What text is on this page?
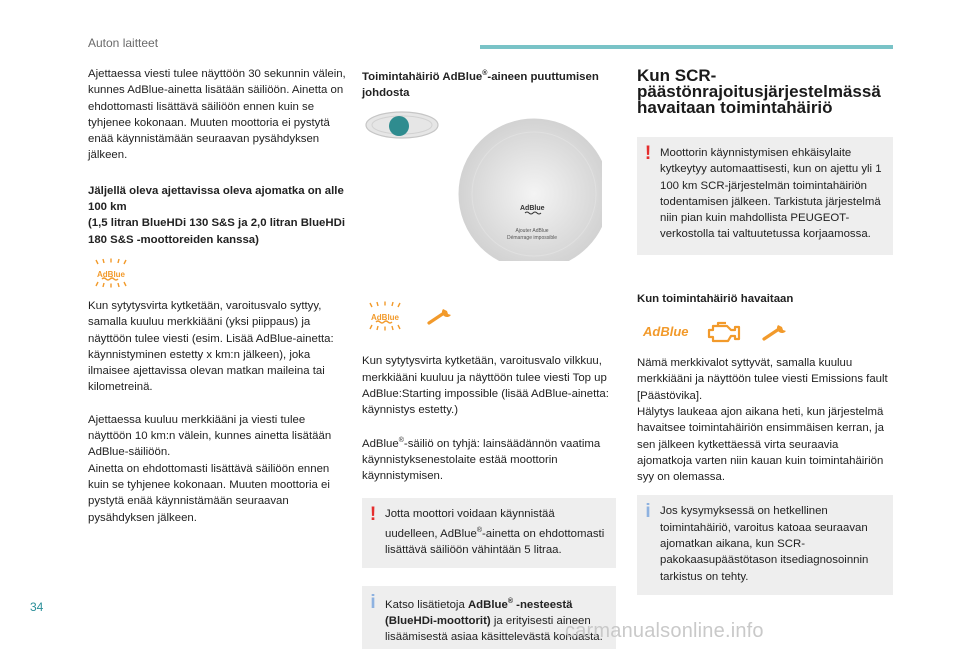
Auton laitteet

Ajettaessa viesti tulee näyttöön 30 sekunnin välein, kunnes AdBlue-ainetta lisätään säiliöön. Ainetta on ehdottomasti lisättävä säiliöön ennen kuin se tyhjenee kokonaan. Muuten moottoria ei pystytä enää käynnistämään seuraavan pysähdyksen jälkeen.

Jäljellä oleva ajettavissa oleva ajomatka on alle 100 km
(1,5 litran BlueHDi 130 S&S ja 2,0 litran BlueHDi 180 S&S -moottoreiden kanssa)
AdBlue

Kun sytytysvirta kytketään, varoitusvalo syttyy, samalla kuuluu merkkiääni (yksi piippaus) ja näyttöön tulee viesti (esim. Lisää AdBlue-ainetta: käynnistyminen estetty x km:n jälkeen), joka ilmaisee ajettavissa olevan matkan maileina tai kilometreinä.

Ajettaessa kuuluu merkkiääni ja viesti tulee näyttöön 10 km:n välein, kunnes ainetta lisätään AdBlue-säiliöön.
Ainetta on ehdottomasti lisättävä säiliöön ennen kuin se tyhjenee kokonaan. Muuten moottoria ei pystytä enää käynnistämään seuraavan pysähdyksen jälkeen.

Toimintahäiriö AdBlue®-aineen puuttumisen johdosta
AdBlue
Ajouter AdBlue
Démarrage impossible
AdBlue

Kun sytytysvirta kytketään, varoitusvalo vilkkuu, merkkiääni kuuluu ja näyttöön tulee viesti Top up AdBlue:Starting impossible (lisää AdBlue-ainetta: käynnistys estetty.)

AdBlue®-säiliö on tyhjä: lainsäädännön vaatima käynnistyksenestolaite estää moottorin käynnistymisen.

! Jotta moottori voidaan käynnistää uudelleen, AdBlue®-ainetta on ehdottomasti lisättävä säiliöön vähintään 5 litraa.
i Katso lisätietoja AdBlue® -nesteestä (BlueHDi-moottorit) ja erityisesti aineen lisäämisestä asiaa käsittelevästä kohdasta.
Kun SCR-päästönrajoitusjärjestelmässä havaitaan toimintahäiriö
! Moottorin käynnistymisen ehkäisylaite kytkeytyy automaattisesti, kun on ajettu yli 1 100 km SCR-järjestelmän toimintahäiriön todentamisen jälkeen. Tarkistuta järjestelmä niin pian kuin mahdollista PEUGEOT-verkostolla tai valtuutetussa korjaamossa.
Kun toimintahäiriö havaitaan
AdBlue

Nämä merkkivalot syttyvät, samalla kuuluu merkkiääni ja näyttöön tulee viesti Emissions fault [Päästövika].
Hälytys laukeaa ajon aikana heti, kun järjestelmä havaitsee toimintahäiriön ensimmäisen kerran, ja sen jälkeen kytkettäessä virta seuraavia ajomatkoja varten niin kauan kuin toimintahäiriön syy on olemassa.

i Jos kysymyksessä on hetkellinen toimintahäiriö, varoitus katoaa seuraavan ajomatkan aikana, kun SCR-pakokaasupäästötason itsediagnosoinnin tarkistus on tehty.
34
carmanualsonline.info
